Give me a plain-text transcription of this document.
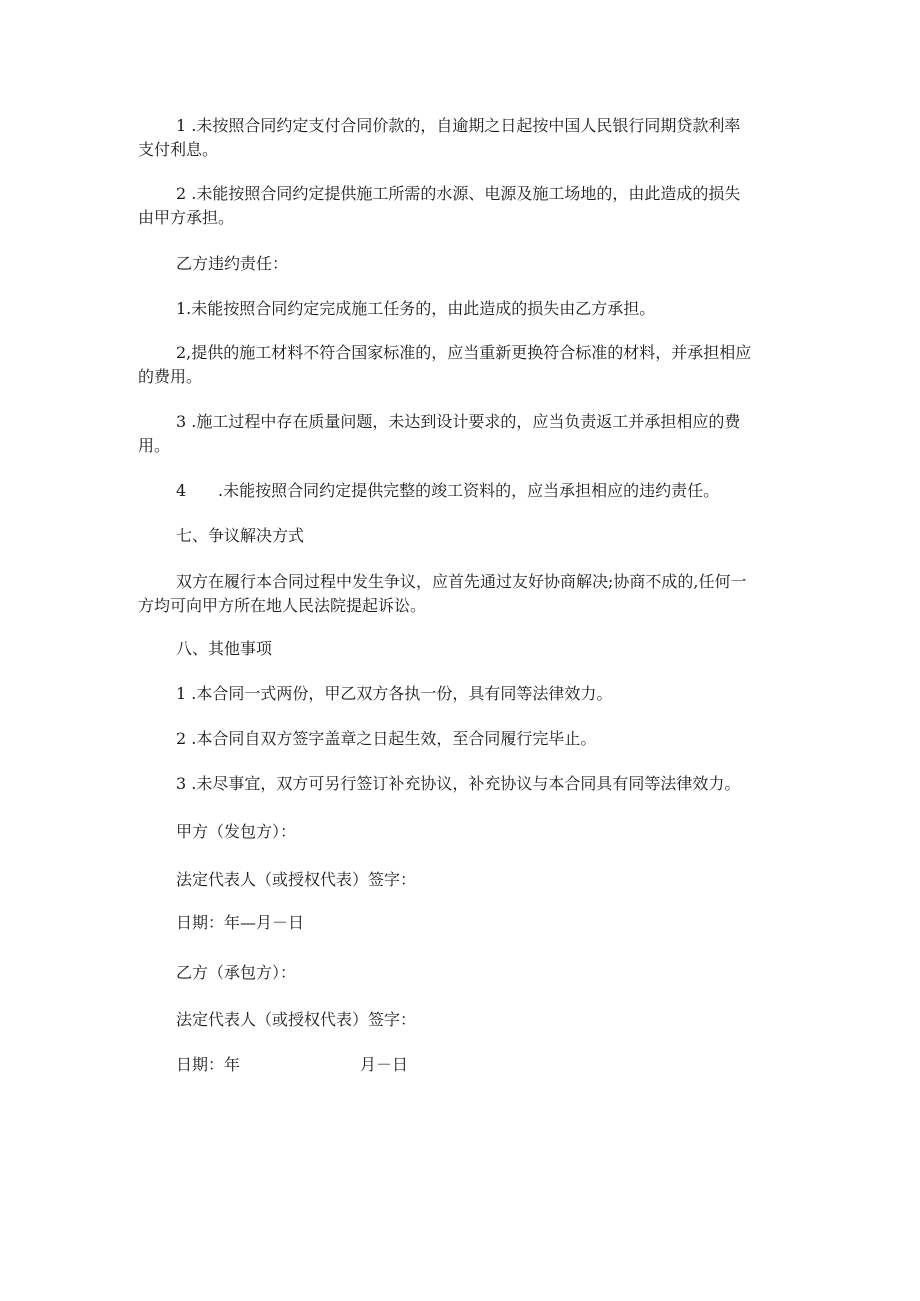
1 .未按照合同约定支付合同价款的，自逾期之日起按中国人民银行同期贷款利率
支付利息。

2 .未能按照合同约定提供施工所需的水源、电源及施工场地的，由此造成的损失
由甲方承担。

乙方违约责任：

1.未能按照合同约定完成施工任务的，由此造成的损失由乙方承担。

2,提供的施工材料不符合国家标准的，应当重新更换符合标准的材料，并承担相应
的费用。

3 .施工过程中存在质量问题，未达到设计要求的，应当负责返工并承担相应的费
用。

4 .未能按照合同约定提供完整的竣工资料的，应当承担相应的违约责任。

七、争议解决方式

双方在履行本合同过程中发生争议，应首先通过友好协商解决;协商不成的,任何一
方均可向甲方所在地人民法院提起诉讼。

八、其他事项

1 .本合同一式两份，甲乙双方各执一份，具有同等法律效力。

2 .本合同自双方签字盖章之日起生效，至合同履行完毕止。

3 .未尽事宜，双方可另行签订补充协议，补充协议与本合同具有同等法律效力。

甲方（发包方）：

法定代表人（或授权代表）签字：

日期：年—月－日

乙方（承包方）：

法定代表人（或授权代表）签字：

日期：年	月－日
